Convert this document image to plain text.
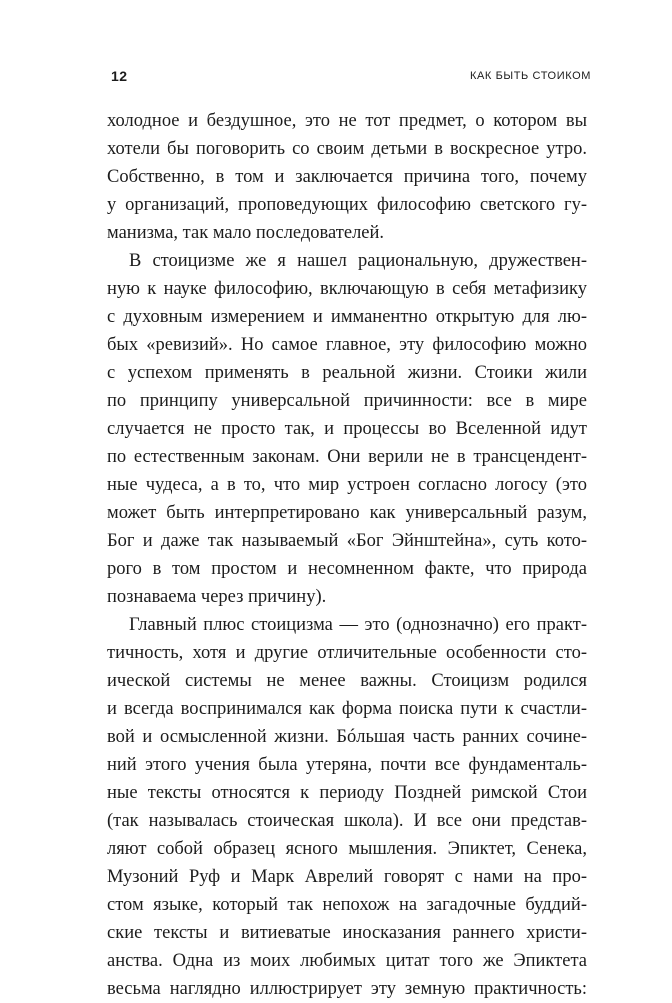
12	КАК БЫТЬ СТОИКОМ
холодное и бездушное, это не тот предмет, о котором вы
хотели бы поговорить со своим детьми в воскресное утро.
Собственно, в том и заключается причина того, почему
у организаций, проповедующих философию светского гу-
манизма, так мало последователей.
В стоицизме же я нашел рациональную, дружествен-
ную к науке философию, включающую в себя метафизику
с духовным измерением и имманентно открытую для лю-
бых «ревизий». Но самое главное, эту философию можно
с успехом применять в реальной жизни. Стоики жили
по принципу универсальной причинности: все в мире
случается не просто так, и процессы во Вселенной идут
по естественным законам. Они верили не в трансцендент-
ные чудеса, а в то, что мир устроен согласно логосу (это
может быть интерпретировано как универсальный разум,
Бог и даже так называемый «Бог Эйнштейна», суть кото-
рого в том простом и несомненном факте, что природа
познаваема через причину).
Главный плюс стоицизма — это (однозначно) его практ-
тичность, хотя и другие отличительные особенности сто-
ической системы не менее важны. Стоицизм родился
и всегда воспринимался как форма поиска пути к счастли-
вой и осмысленной жизни. Бóльшая часть ранних сочине-
ний этого учения была утеряна, почти все фундаменталь-
ные тексты относятся к периоду Поздней римской Стои
(так называлась стоическая школа). И все они представ-
ляют собой образец ясного мышления. Эпиктет, Сенека,
Музоний Руф и Марк Аврелий говорят с нами на про-
стом языке, который так непохож на загадочные буддий-
ские тексты и витиеватые иносказания раннего христи-
анства. Одна из моих любимых цитат того же Эпиктета
весьма наглядно иллюстрирует эту земную практичность:
